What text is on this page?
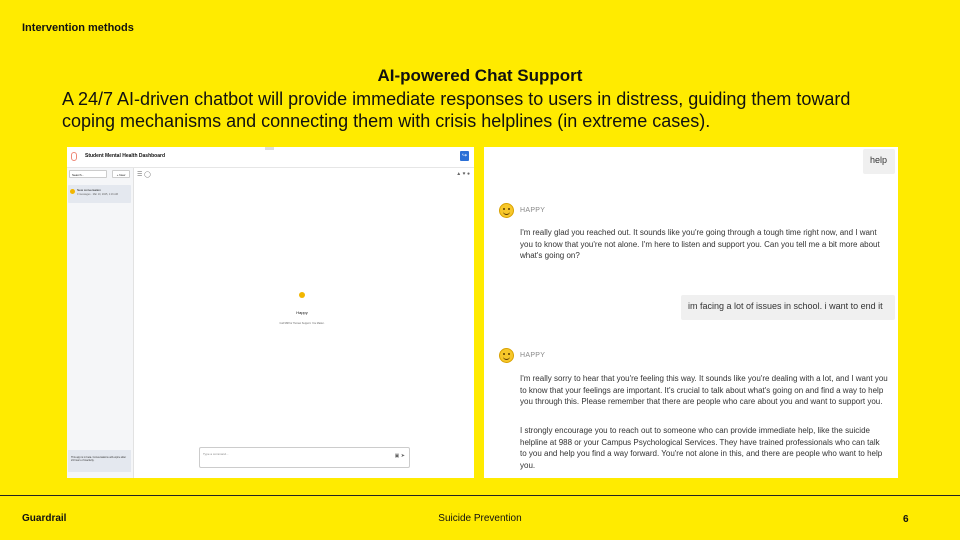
Intervention methods
AI-powered Chat Support
A 24/7 AI-driven chatbot will provide immediate responses to users in distress, guiding them toward coping mechanisms and connecting them with crisis helplines (in extreme cases).
Student Mental Health Dashboard	↪
Search...	+ New
New conversation
0 messages · Mar 10, 2025, 1:16 AM
This app is in beta. Conversations will expire after 24 hours of inactivity.
☰ ◯	▲ ♥ ●
Happy
Call 988 for Human Support. You Matter.
Type a command...	▣ ➤
help
HAPPY
I'm really glad you reached out. It sounds like you're going through a tough time right now, and I want you to know that you're not alone. I'm here to listen and support you. Can you tell me a bit more about what's going on?
im facing a lot of issues in school. i want to end it
HAPPY
I'm really sorry to hear that you're feeling this way. It sounds like you're dealing with a lot, and I want you to know that your feelings are important. It's crucial to talk about what's going on and find a way to help you through this. Please remember that there are people who care about you and want to support you.
I strongly encourage you to reach out to someone who can provide immediate help, like the suicide helpline at 988 or your Campus Psychological Services. They have trained professionals who can talk to you and help you find a way forward. You're not alone in this, and there are people who want to help you.
Guardrail	Suicide Prevention	6
